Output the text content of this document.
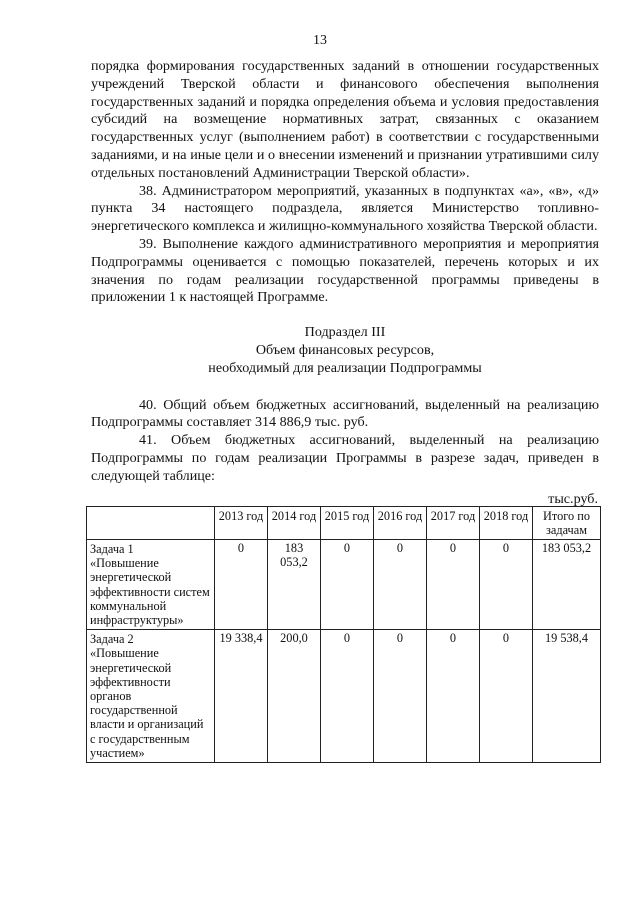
13

порядка формирования государственных заданий в отношении государственных учреждений Тверской области и финансового обеспечения выполнения государственных заданий и порядка определения объема и условия предоставления субсидий на возмещение нормативных затрат, связанных с оказанием государственных услуг (выполнением работ) в соответствии с государственными заданиями, и на иные цели и о внесении изменений и признании утратившими силу отдельных постановлений Администрации Тверской области».

38. Администратором мероприятий, указанных в подпунктах «а», «в», «д» пункта 34 настоящего подраздела, является Министерство топливно-энергетического комплекса и жилищно-коммунального хозяйства Тверской области.

39. Выполнение каждого административного мероприятия и мероприятия Подпрограммы оценивается с помощью показателей, перечень которых и их значения по годам реализации государственной программы приведены в приложении 1 к настоящей Программе.

Подраздел III
Объем финансовых ресурсов,
необходимый для реализации Подпрограммы

40. Общий объем бюджетных ассигнований, выделенный на реализацию Подпрограммы составляет 314 886,9 тыс. руб.

41. Объем бюджетных ассигнований, выделенный на реализацию Подпрограммы по годам реализации Программы в разрезе задач, приведен в следующей таблице:

тыс.руб.
	2013 год	2014 год	2015 год	2016 год	2017 год	2018 год	Итого по задачам

Задача 1
«Повышение энергетической эффективности систем коммунальной инфраструктуры»	0	183 053,2	0	0	0	0	183 053,2

Задача 2
«Повышение энергетической эффективности органов государственной власти и организаций с государственным участием»	19 338,4	200,0	0	0	0	0	19 538,4
